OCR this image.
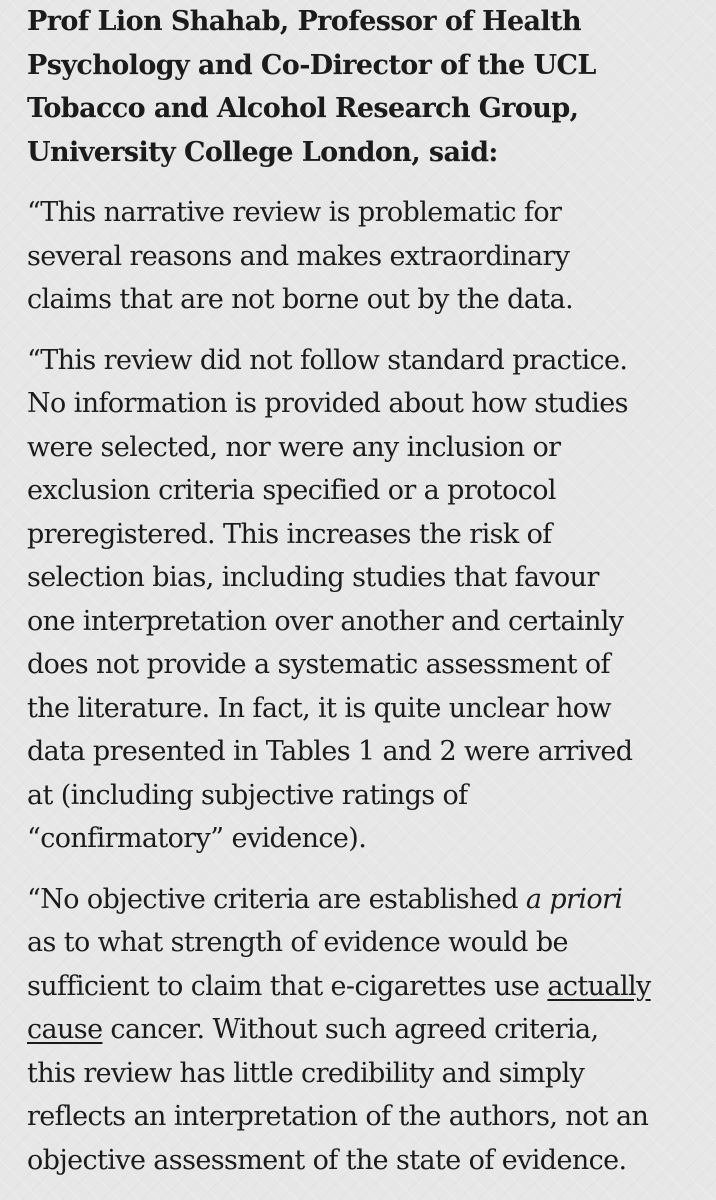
Prof Lion Shahab, Professor of Health
Psychology and Co-Director of the UCL
Tobacco and Alcohol Research Group,
University College London, said:

“This narrative review is problematic for
several reasons and makes extraordinary
claims that are not borne out by the data.

“This review did not follow standard practice.
No information is provided about how studies
were selected, nor were any inclusion or
exclusion criteria specified or a protocol
preregistered. This increases the risk of
selection bias, including studies that favour
one interpretation over another and certainly
does not provide a systematic assessment of
the literature. In fact, it is quite unclear how
data presented in Tables 1 and 2 were arrived
at (including subjective ratings of
“confirmatory” evidence).

“No objective criteria are established a priori
as to what strength of evidence would be
sufficient to claim that e-cigarettes use actually
cause cancer. Without such agreed criteria,
this review has little credibility and simply
reflects an interpretation of the authors, not an
objective assessment of the state of evidence.
